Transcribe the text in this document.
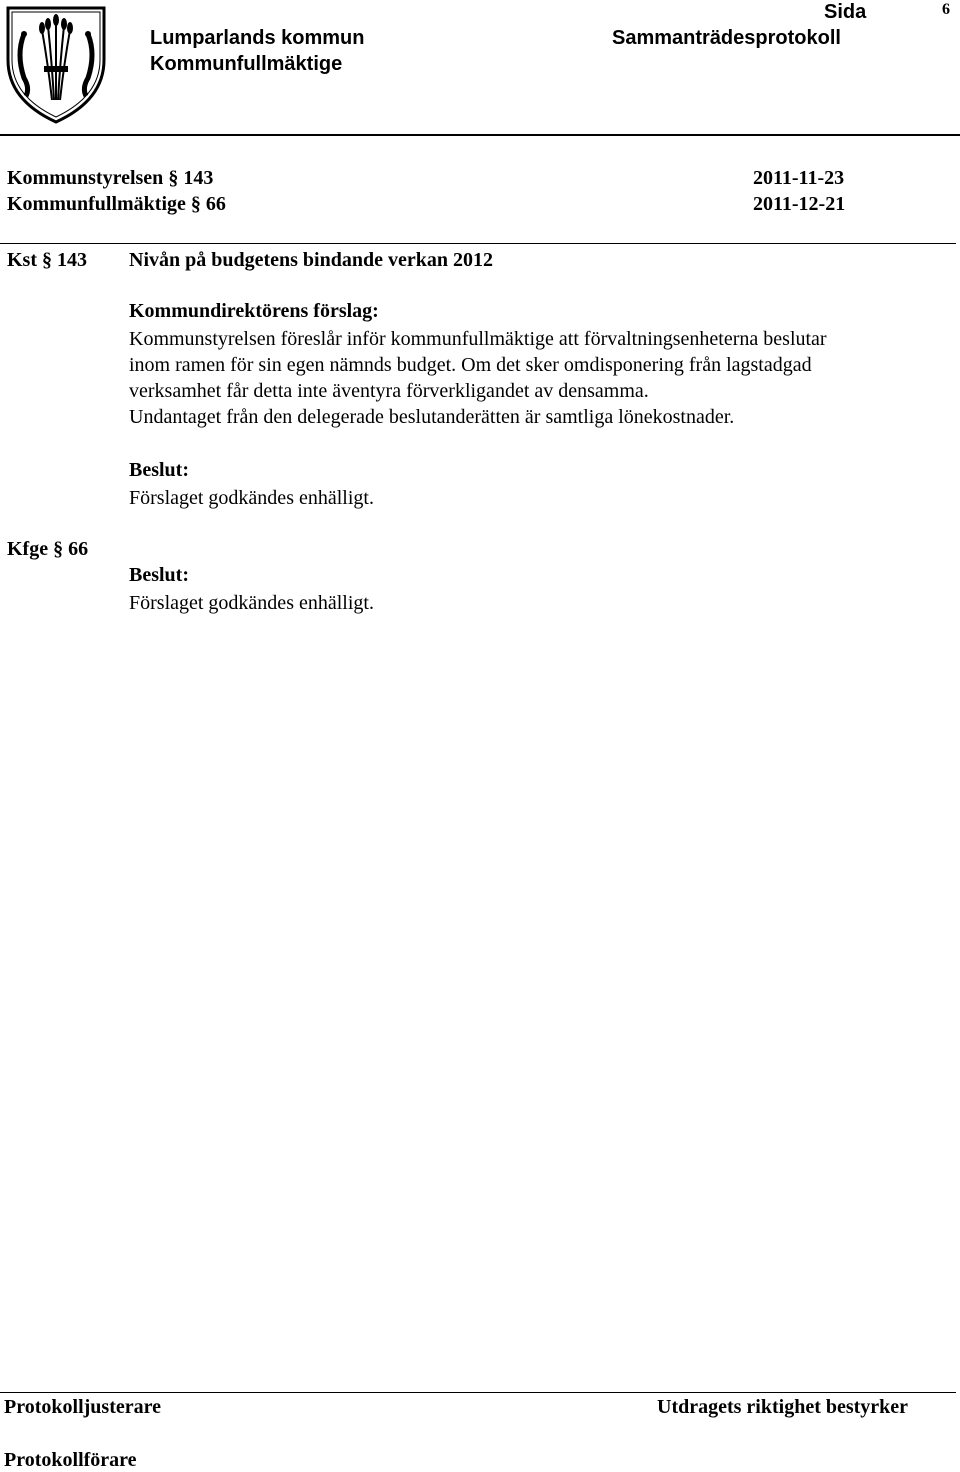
Lumparlands kommun
Kommunfullmäktige
Sammanträdesprotokoll
Sida	6
Kommunstyrelsen § 143	2011-11-23
Kommunfullmäktige § 66	2011-12-21
Kst § 143 Nivån på budgetens bindande verkan 2012
Kommundirektörens förslag:
Kommunstyrelsen föreslår inför kommunfullmäktige att förvaltningsenheterna beslutar
inom ramen för sin egen nämnds budget. Om det sker omdisponering från lagstadgad
verksamhet får detta inte äventyra förverkligandet av densamma.
Undantaget från den delegerade beslutanderätten är samtliga lönekostnader.
Beslut:
Förslaget godkändes enhälligt.
Kfge § 66
Beslut:
Förslaget godkändes enhälligt.
Protokolljusterare	Utdragets riktighet bestyrker
Protokollförare
